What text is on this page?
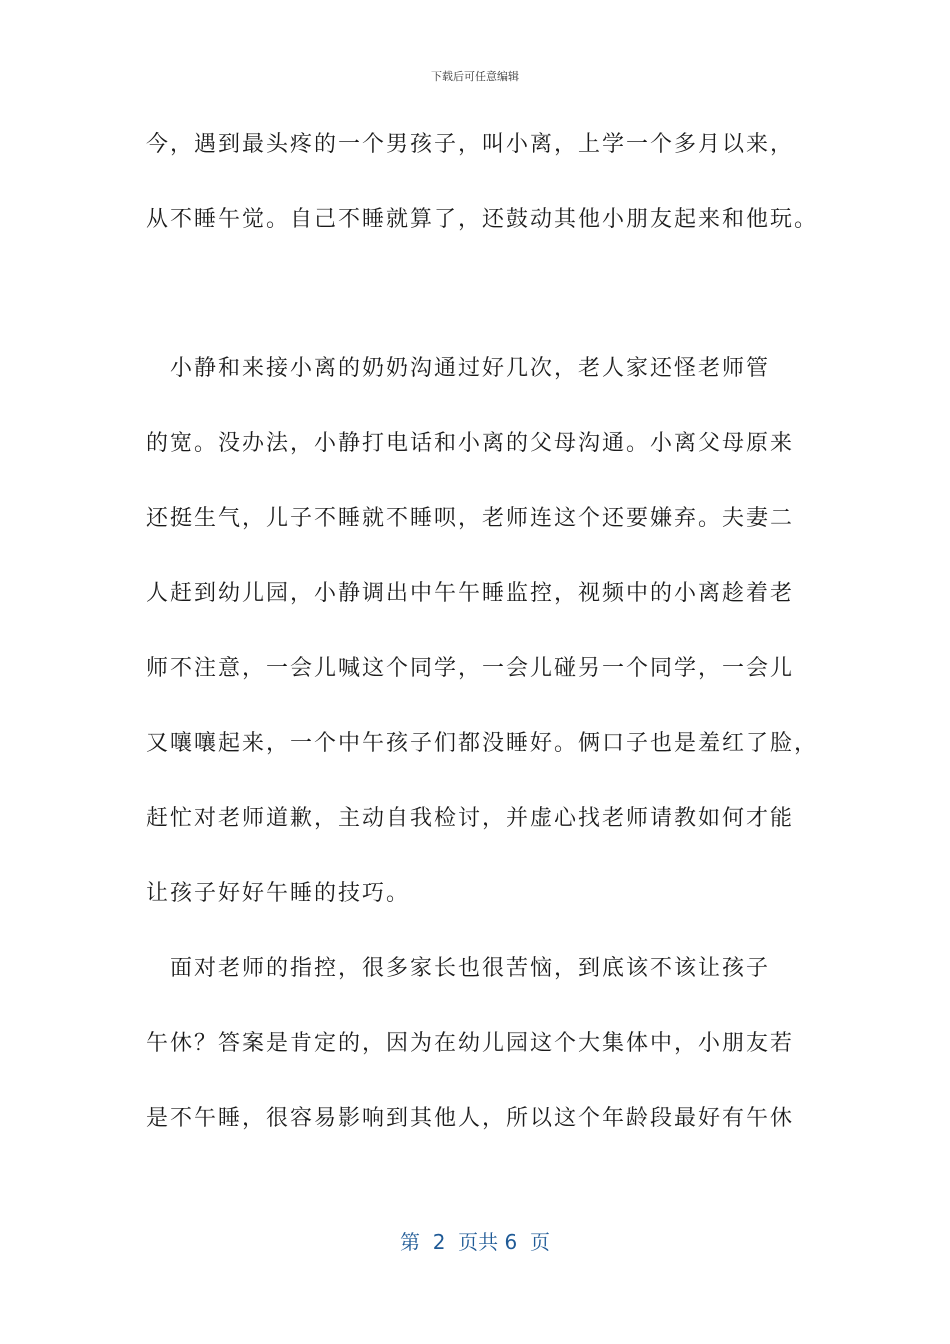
下载后可任意编辑
今，遇到最头疼的一个男孩子，叫小离，上学一个多月以来，
从不睡午觉。自己不睡就算了，还鼓动其他小朋友起来和他玩。
　小静和来接小离的奶奶沟通过好几次，老人家还怪老师管
的宽。没办法，小静打电话和小离的父母沟通。小离父母原来
还挺生气，儿子不睡就不睡呗，老师连这个还要嫌弃。夫妻二
人赶到幼儿园，小静调出中午午睡监控，视频中的小离趁着老
师不注意，一会儿喊这个同学，一会儿碰另一个同学，一会儿
又嚷嚷起来，一个中午孩子们都没睡好。俩口子也是羞红了脸，
赶忙对老师道歉，主动自我检讨，并虚心找老师请教如何才能
让孩子好好午睡的技巧。
　面对老师的指控，很多家长也很苦恼，到底该不该让孩子
午休？答案是肯定的，因为在幼儿园这个大集体中，小朋友若
是不午睡，很容易影响到其他人，所以这个年龄段最好有午休
第  2  页共 6  页
